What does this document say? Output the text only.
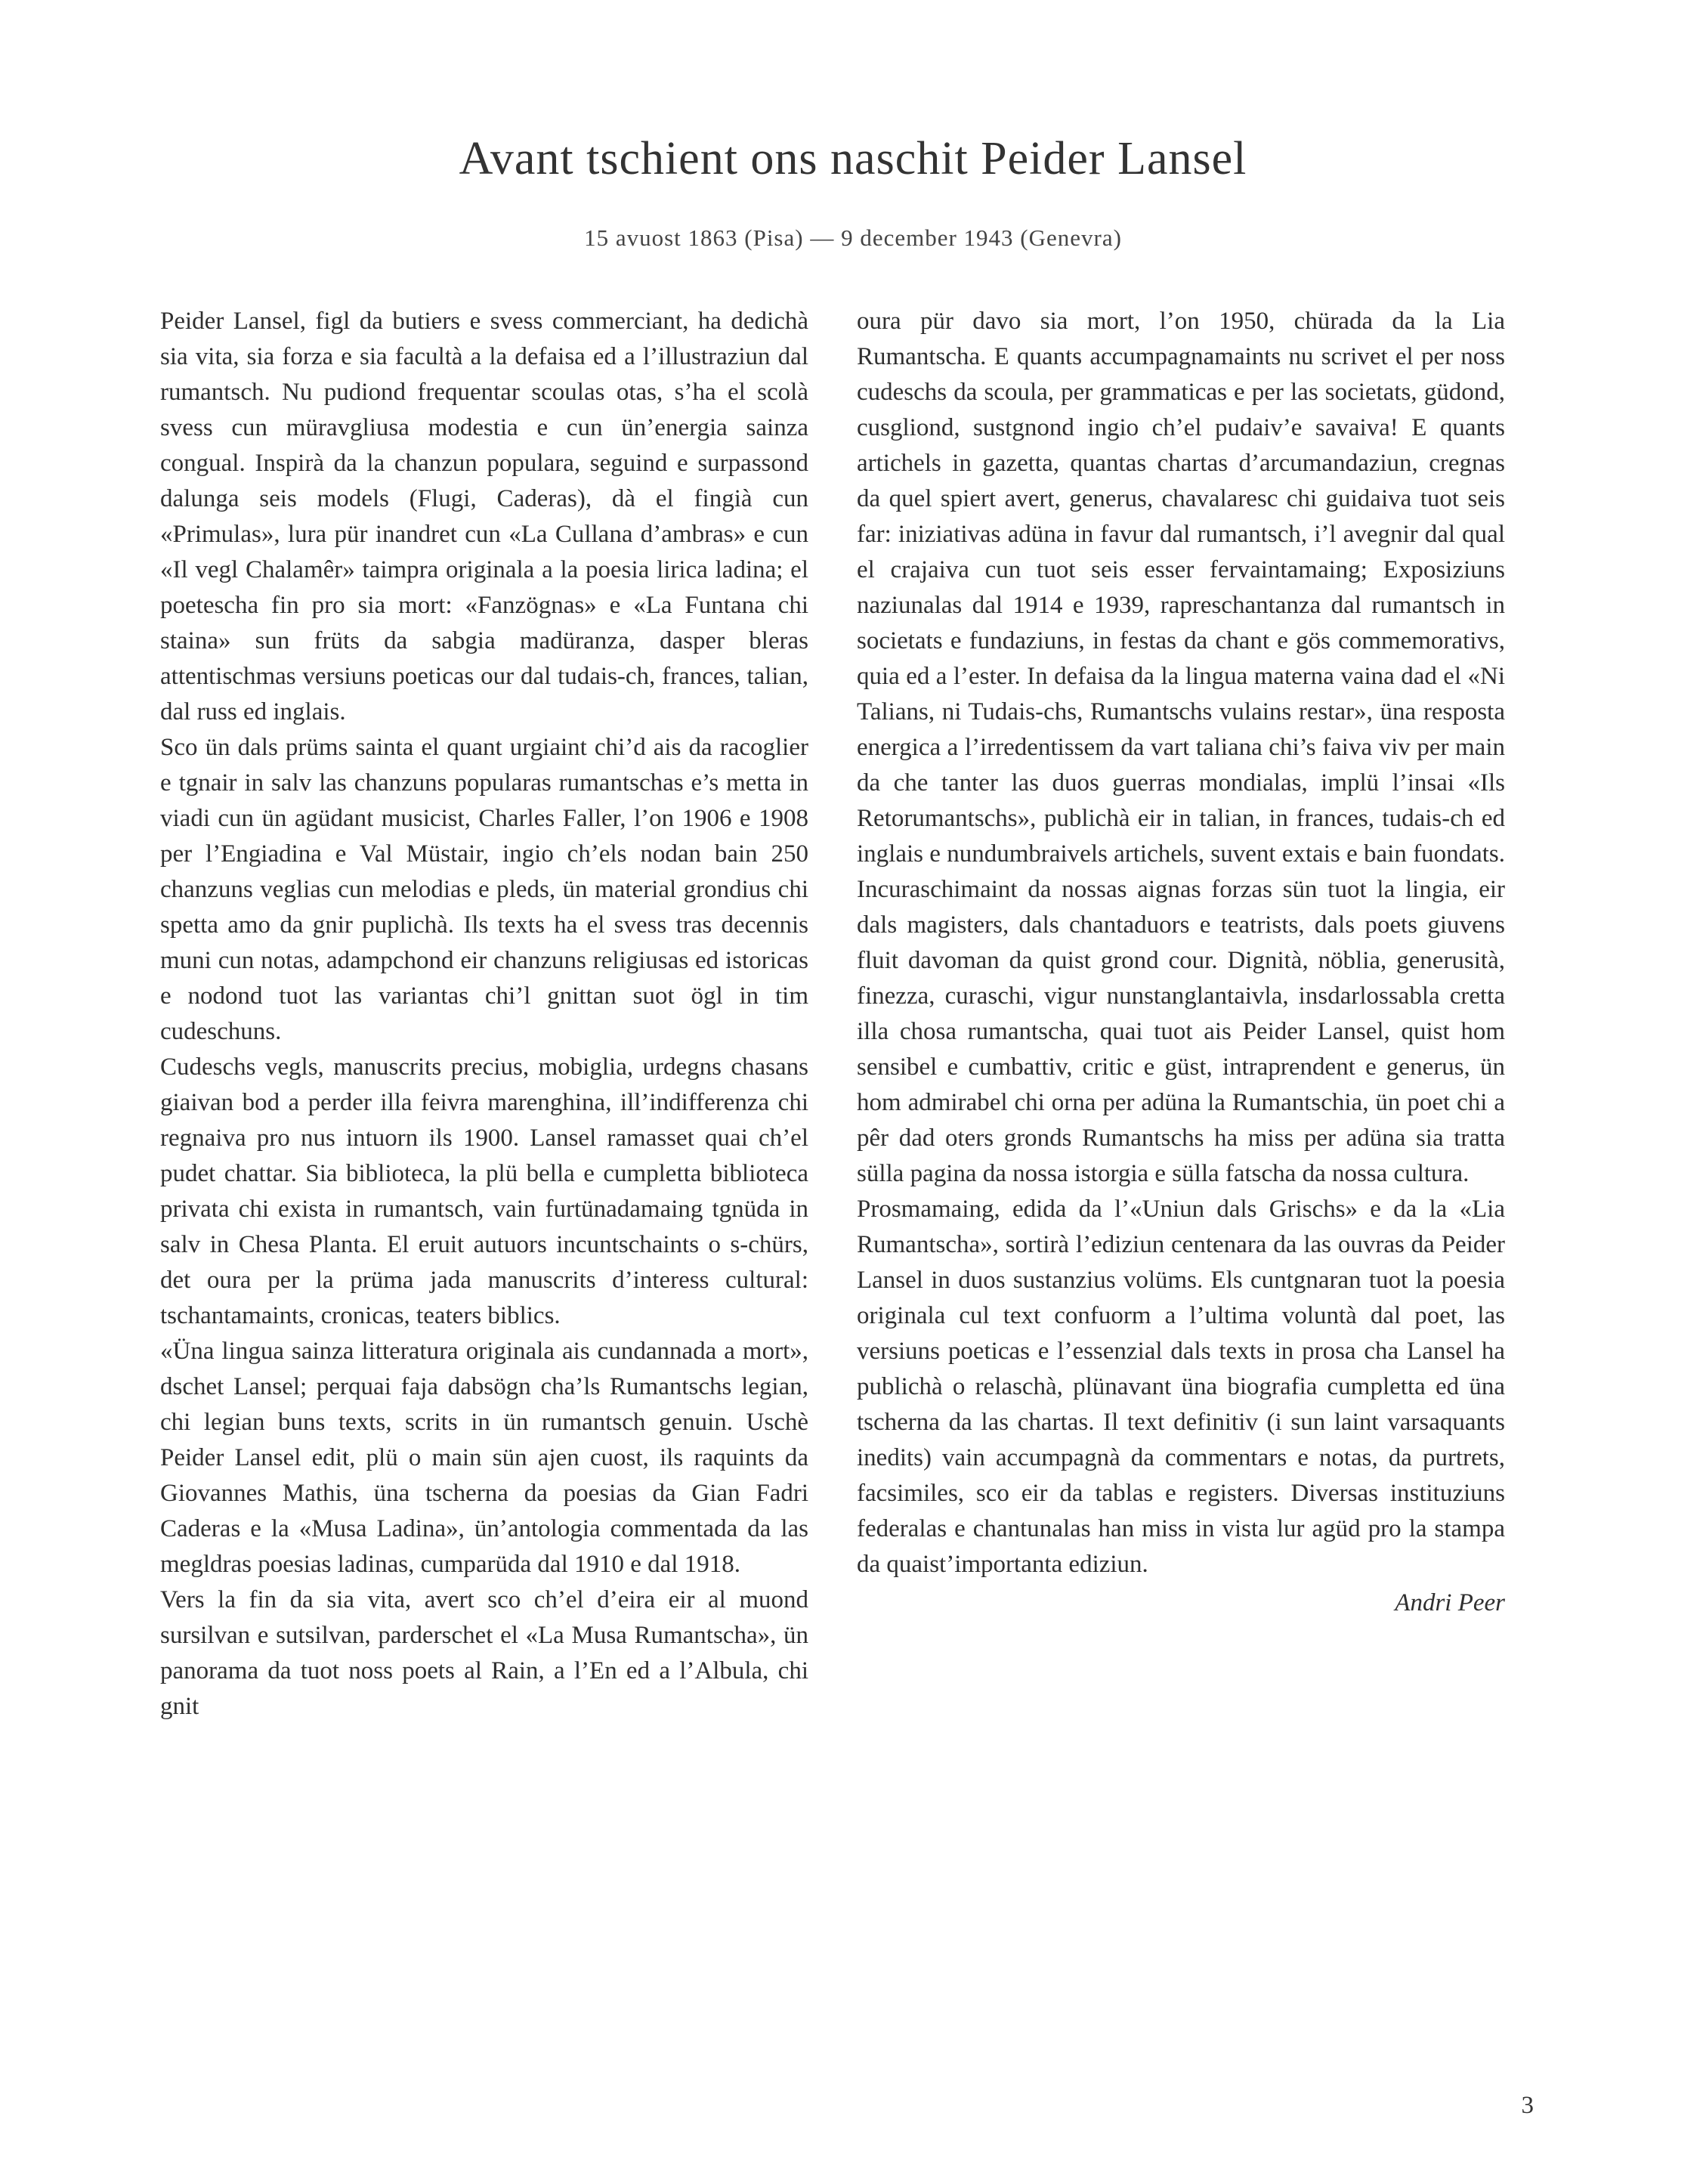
Avant tschient ons naschit Peider Lansel
15 avuost 1863 (Pisa) — 9 december 1943 (Genevra)

Peider Lansel, figl da butiers e svess commerciant, ha dedichà sia vita, sia forza e sia facultà a la defaisa ed a l’illustraziun dal rumantsch. Nu pudiond frequentar scoulas otas, s’ha el scolà svess cun müravgliusa modestia e cun ün’energia sainza congual. Inspirà da la chanzun populara, seguind e surpassond dalunga seis models (Flugi, Caderas), dà el fingià cun «Primulas», lura pür inandret cun «La Cullana d’ambras» e cun «Il vegl Chalamêr» taimpra originala a la poesia lirica ladina; el poetescha fin pro sia mort: «Fanzögnas» e «La Funtana chi staina» sun früts da sabgia madüranza, dasper bleras attentischmas versiuns poeticas our dal tudais-ch, frances, talian, dal russ ed inglais.

Sco ün dals prüms sainta el quant urgiaint chi’d ais da racoglier e tgnair in salv las chanzuns popularas rumantschas e’s metta in viadi cun ün agüdant musicist, Charles Faller, l’on 1906 e 1908 per l’Engiadina e Val Müstair, ingio ch’els nodan bain 250 chanzuns veglias cun melodias e pleds, ün material grondius chi spetta amo da gnir puplichà. Ils texts ha el svess tras decennis muni cun notas, adampchond eir chanzuns religiusas ed istoricas e nodond tuot las variantas chi’l gnittan suot ögl in tim cudeschuns.

Cudeschs vegls, manuscrits precius, mobiglia, urdegns chasans giaivan bod a perder illa feivra marenghina, ill’indifferenza chi regnaiva pro nus intuorn ils 1900. Lansel ramasset quai ch’el pudet chattar. Sia biblioteca, la plü bella e cumpletta biblioteca privata chi exista in rumantsch, vain furtünadamaing tgnüda in salv in Chesa Planta. El eruit autuors incuntschaints o s-chürs, det oura per la prüma jada manuscrits d’interess cultural: tschantamaints, cronicas, teaters biblics.

«Üna lingua sainza litteratura originala ais cundannada a mort», dschet Lansel; perquai faja dabsögn cha’ls Rumantschs legian, chi legian buns texts, scrits in ün rumantsch genuin. Uschè Peider Lansel edit, plü o main sün ajen cuost, ils raquints da Giovannes Mathis, üna tscherna da poesias da Gian Fadri Caderas e la «Musa Ladina», ün’antologia commentada da las megldras poesias ladinas, cumparüda dal 1910 e dal 1918.

Vers la fin da sia vita, avert sco ch’el d’eira eir al muond sursilvan e sutsilvan, parderschet el «La Musa Rumantscha», ün panorama da tuot noss poets al Rain, a l’En ed a l’Albula, chi gnit

oura pür davo sia mort, l’on 1950, chürada da la Lia Rumantscha. E quants accumpagnamaints nu scrivet el per noss cudeschs da scoula, per grammaticas e per las societats, güdond, cusgliond, sustgnond ingio ch’el pudaiv’e savaiva! E quants artichels in gazetta, quantas chartas d’arcumandaziun, cregnas da quel spiert avert, generus, chavalaresc chi guidaiva tuot seis far: iniziativas adüna in favur dal rumantsch, i’l avegnir dal qual el crajaiva cun tuot seis esser fervaintamaing; Exposiziuns naziunalas dal 1914 e 1939, rapreschantanza dal rumantsch in societats e fundaziuns, in festas da chant e gös commemorativs, quia ed a l’ester. In defaisa da la lingua materna vaina dad el «Ni Talians, ni Tudais-chs, Rumantschs vulains restar», üna resposta energica a l’irredentissem da vart taliana chi’s faiva viv per main da che tanter las duos guerras mondialas, implü l’insai «Ils Retorumantschs», publichà eir in talian, in frances, tudais-ch ed inglais e nundumbraivels artichels, suvent extais e bain fuondats. Incuraschimaint da nossas aignas forzas sün tuot la lingia, eir dals magisters, dals chantaduors e teatrists, dals poets giuvens fluit davoman da quist grond cour. Dignità, nöblia, generusità, finezza, curaschi, vigur nunstanglantaivla, insdarlossabla cretta illa chosa rumantscha, quai tuot ais Peider Lansel, quist hom sensibel e cumbattiv, critic e güst, intraprendent e generus, ün hom admirabel chi orna per adüna la Rumantschia, ün poet chi a pêr dad oters gronds Rumantschs ha miss per adüna sia tratta sülla pagina da nossa istorgia e sülla fatscha da nossa cultura.

Prosmamaing, edida da l’«Uniun dals Grischs» e da la «Lia Rumantscha», sortirà l’ediziun centenara da las ouvras da Peider Lansel in duos sustanzius volüms. Els cuntgnaran tuot la poesia originala cul text confuorm a l’ultima voluntà dal poet, las versiuns poeticas e l’essenzial dals texts in prosa cha Lansel ha publichà o relaschà, plünavant üna biografia cumpletta ed üna tscherna da las chartas. Il text definitiv (i sun laint varsaquants inedits) vain accumpagnà da commentars e notas, da purtrets, facsimiles, sco eir da tablas e registers. Diversas instituziuns federalas e chantunalas han miss in vista lur agüd pro la stampa da quaist’importanta ediziun.

Andri Peer

3
